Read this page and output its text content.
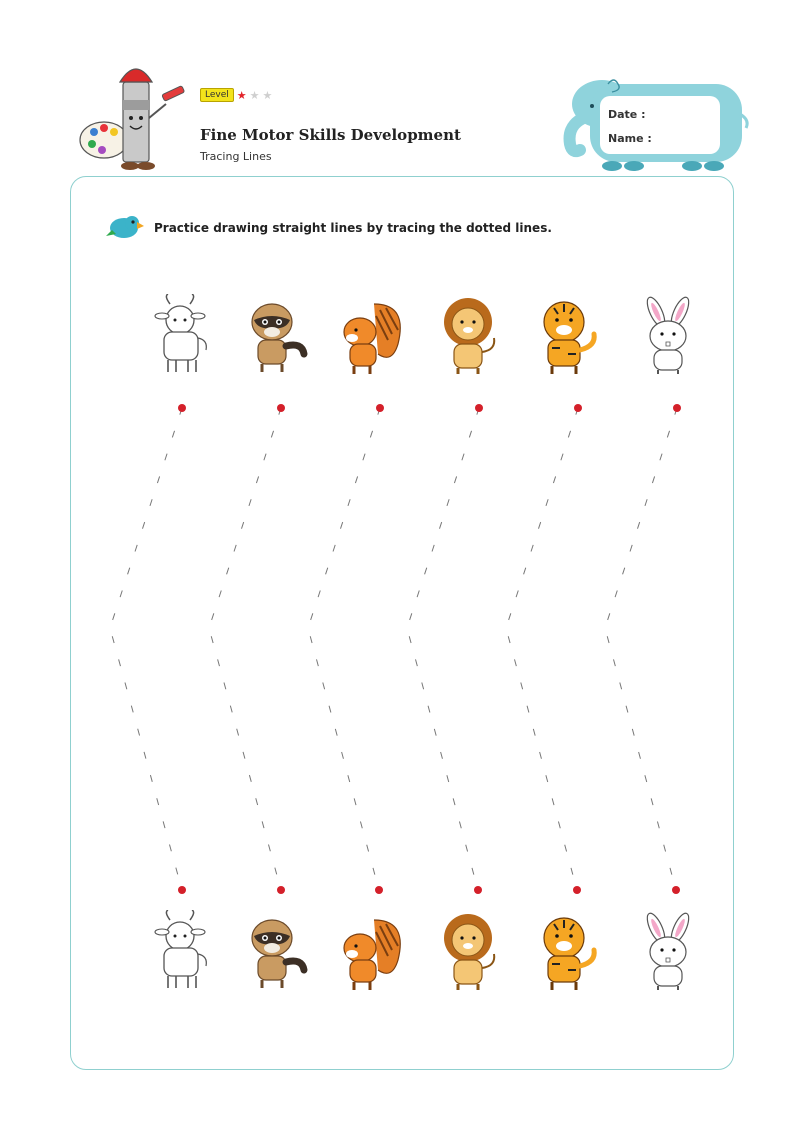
Level ★ ★ ★
Fine Motor Skills Development
Tracing Lines
Date :
Name :
Practice drawing straight lines by tracing the dotted lines.
